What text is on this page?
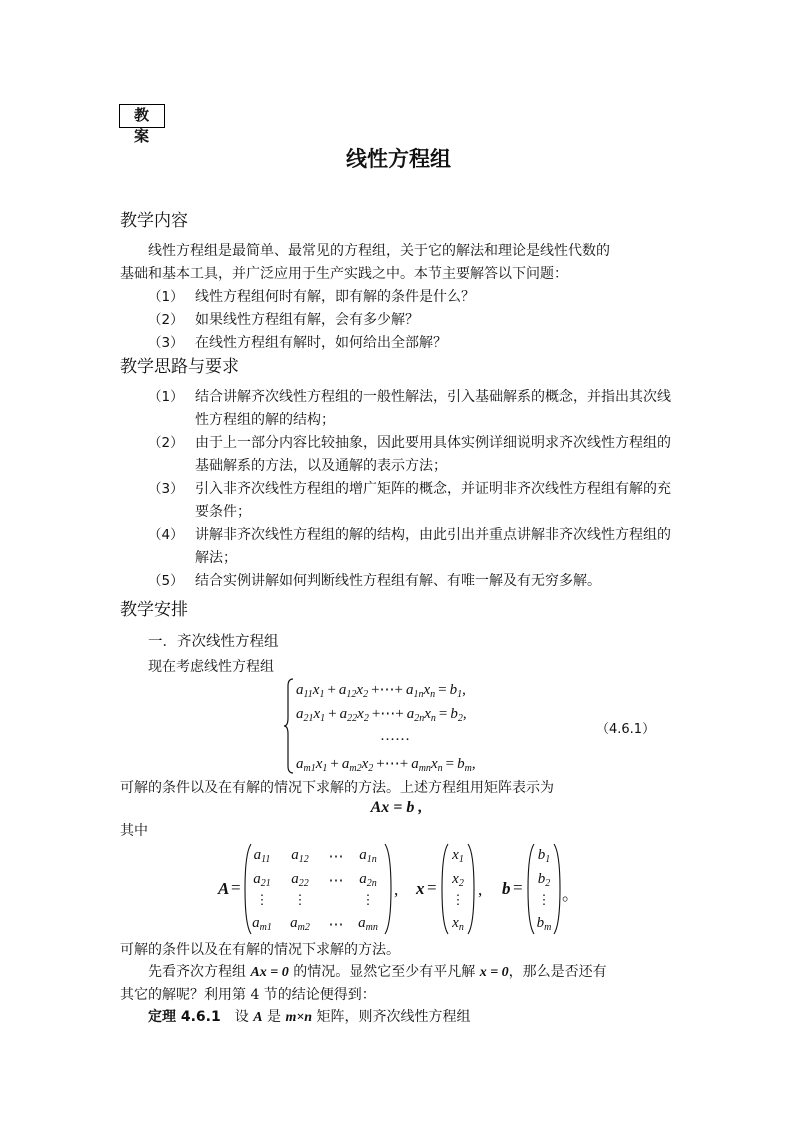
教 案
线性方程组
教学内容
线性方程组是最简单、最常见的方程组，关于它的解法和理论是线性代数的
基础和基本工具，并广泛应用于生产实践之中。本节主要解答以下问题：
（1） 线性方程组何时有解，即有解的条件是什么？
（2） 如果线性方程组有解，会有多少解？
（3） 在线性方程组有解时，如何给出全部解？
教学思路与要求
（1） 结合讲解齐次线性方程组的一般性解法，引入基础解系的概念，并指出其次线性方程组的解的结构；
（2） 由于上一部分内容比较抽象，因此要用具体实例详细说明求齐次线性方程组的基础解系的方法，以及通解的表示方法；
（3） 引入非齐次线性方程组的增广矩阵的概念，并证明非齐次线性方程组有解的充要条件；
（4） 讲解非齐次线性方程组的解的结构，由此引出并重点讲解非齐次线性方程组的解法；
（5） 结合实例讲解如何判断线性方程组有解、有唯一解及有无穷多解。
教学安排
一．齐次线性方程组
现在考虑线性方程组
$a_{11}x_1 + a_{12}x_2$ +⋯+ $a_{1n}x_n = b_1$,
$a_{21}x_1 + a_{22}x_2$ +⋯+ $a_{2n}x_n = b_2$,
……
$a_{m1}x_1 + a_{m2}x_2$ +⋯+ $a_{mn}x_n = b_m$,
（4.6.1）
可解的条件以及在有解的情况下求解的方法。上述方程组用矩阵表示为
Ax = b ,
其中
A =
$a_{11}$	$a_{12}$	⋯	$a_{1n}$
$a_{21}$	$a_{22}$	⋯	$a_{2n}$
⋮	⋮	⋮
$a_{m1}$	$a_{m2}$	⋯ $a_{mn}$
, x =
$x_1$
$x_2$
⋮
$x_n$
, b =
$b_1$
$b_2$
⋮
$b_m$
。
可解的条件以及在有解的情况下求解的方法。
先看齐次方程组 Ax = 0 的情况。显然它至少有平凡解 x = 0，那么是否还有
其它的解呢？利用第 4 节的结论便得到：
定理 4.6.1 设 A 是 m×n 矩阵，则齐次线性方程组
